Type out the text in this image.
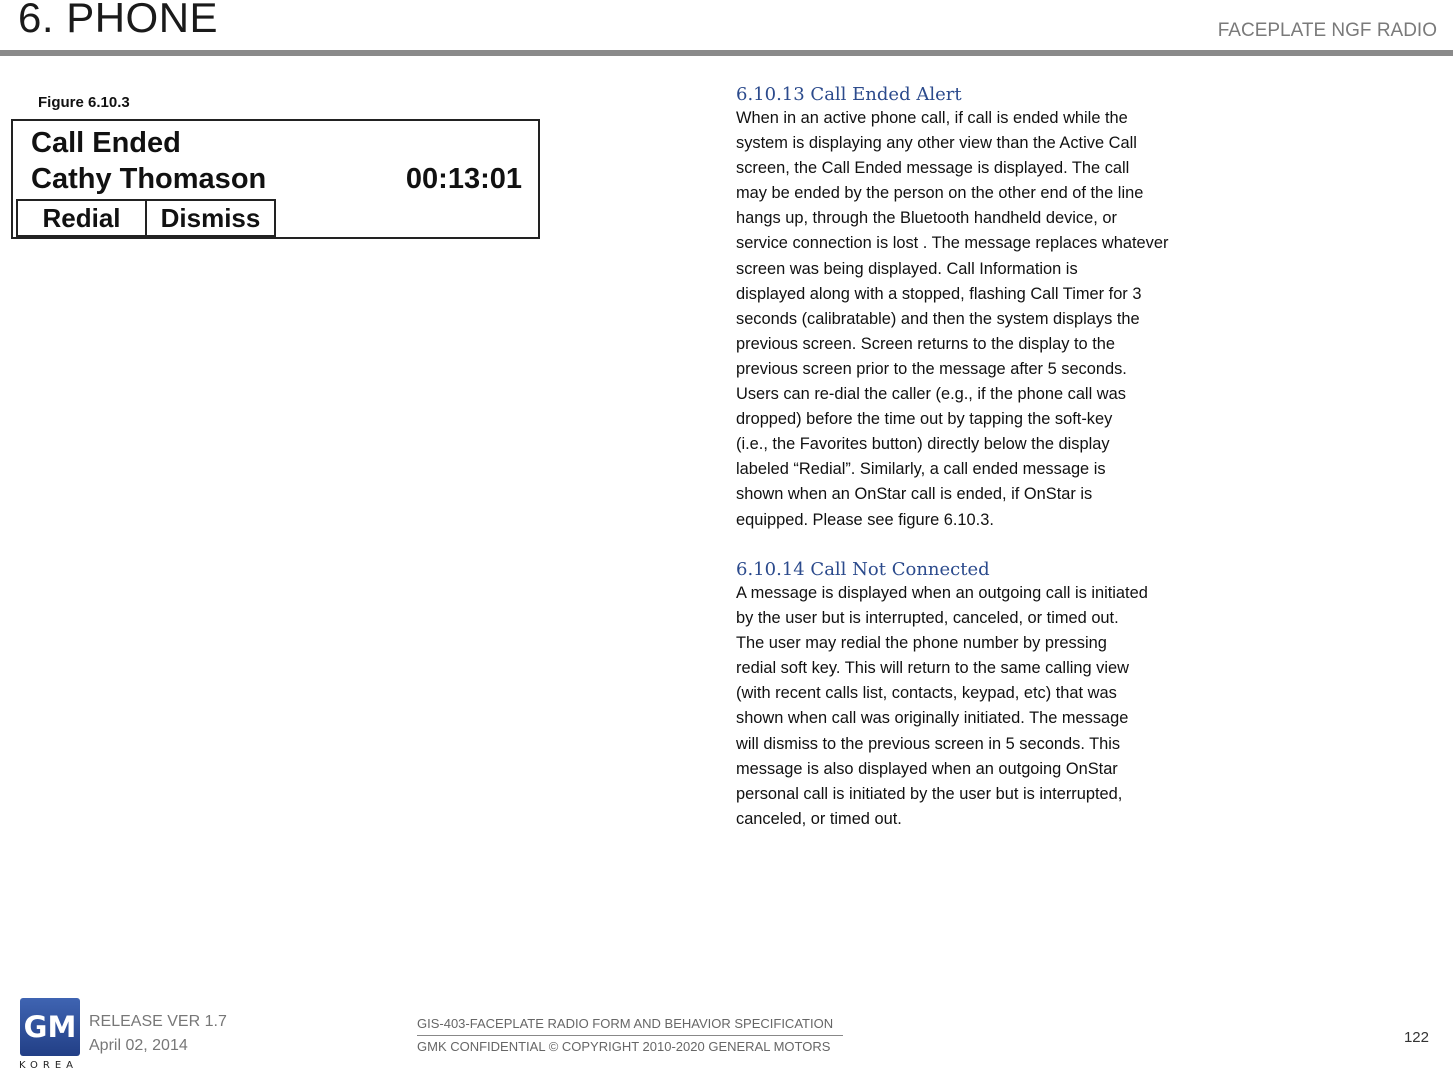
6. PHONE	FACEPLATE NGF RADIO
Figure 6.10.3
Call Ended
Cathy Thomason	00:13:01
Redial	Dismiss
6.10.13 Call Ended Alert

When in an active phone call, if call is ended while the
system is displaying any other view than the Active Call
screen, the Call Ended message is displayed. The call
may be ended by the person on the other end of the line
hangs up, through the Bluetooth handheld device, or
service connection is lost . The message replaces whatever
screen was being displayed. Call Information is
displayed along with a stopped, flashing Call Timer for 3
seconds (calibratable) and then the system displays the
previous screen. Screen returns to the display to the
previous screen prior to the message after 5 seconds.
Users can re-dial the caller (e.g., if the phone call was
dropped) before the time out by tapping the soft-key
(i.e., the Favorites button) directly below the display
labeled “Redial”. Similarly, a call ended message is
shown when an OnStar call is ended, if OnStar is
equipped. Please see figure 6.10.3.

6.10.14 Call Not Connected

A message is displayed when an outgoing call is initiated
by the user but is interrupted, canceled, or timed out.
The user may redial the phone number by pressing
redial soft key. This will return to the same calling view
(with recent calls list, contacts, keypad, etc) that was
shown when call was originally initiated. The message
will dismiss to the previous screen in 5 seconds. This
message is also displayed when an outgoing OnStar
personal call is initiated by the user but is interrupted,
canceled, or timed out.

GM
KOREA
RELEASE VER 1.7
April 02, 2014
GIS-403-FACEPLATE RADIO FORM AND BEHAVIOR SPECIFICATION
GMK CONFIDENTIAL © COPYRIGHT 2010-2020 GENERAL MOTORS
122
